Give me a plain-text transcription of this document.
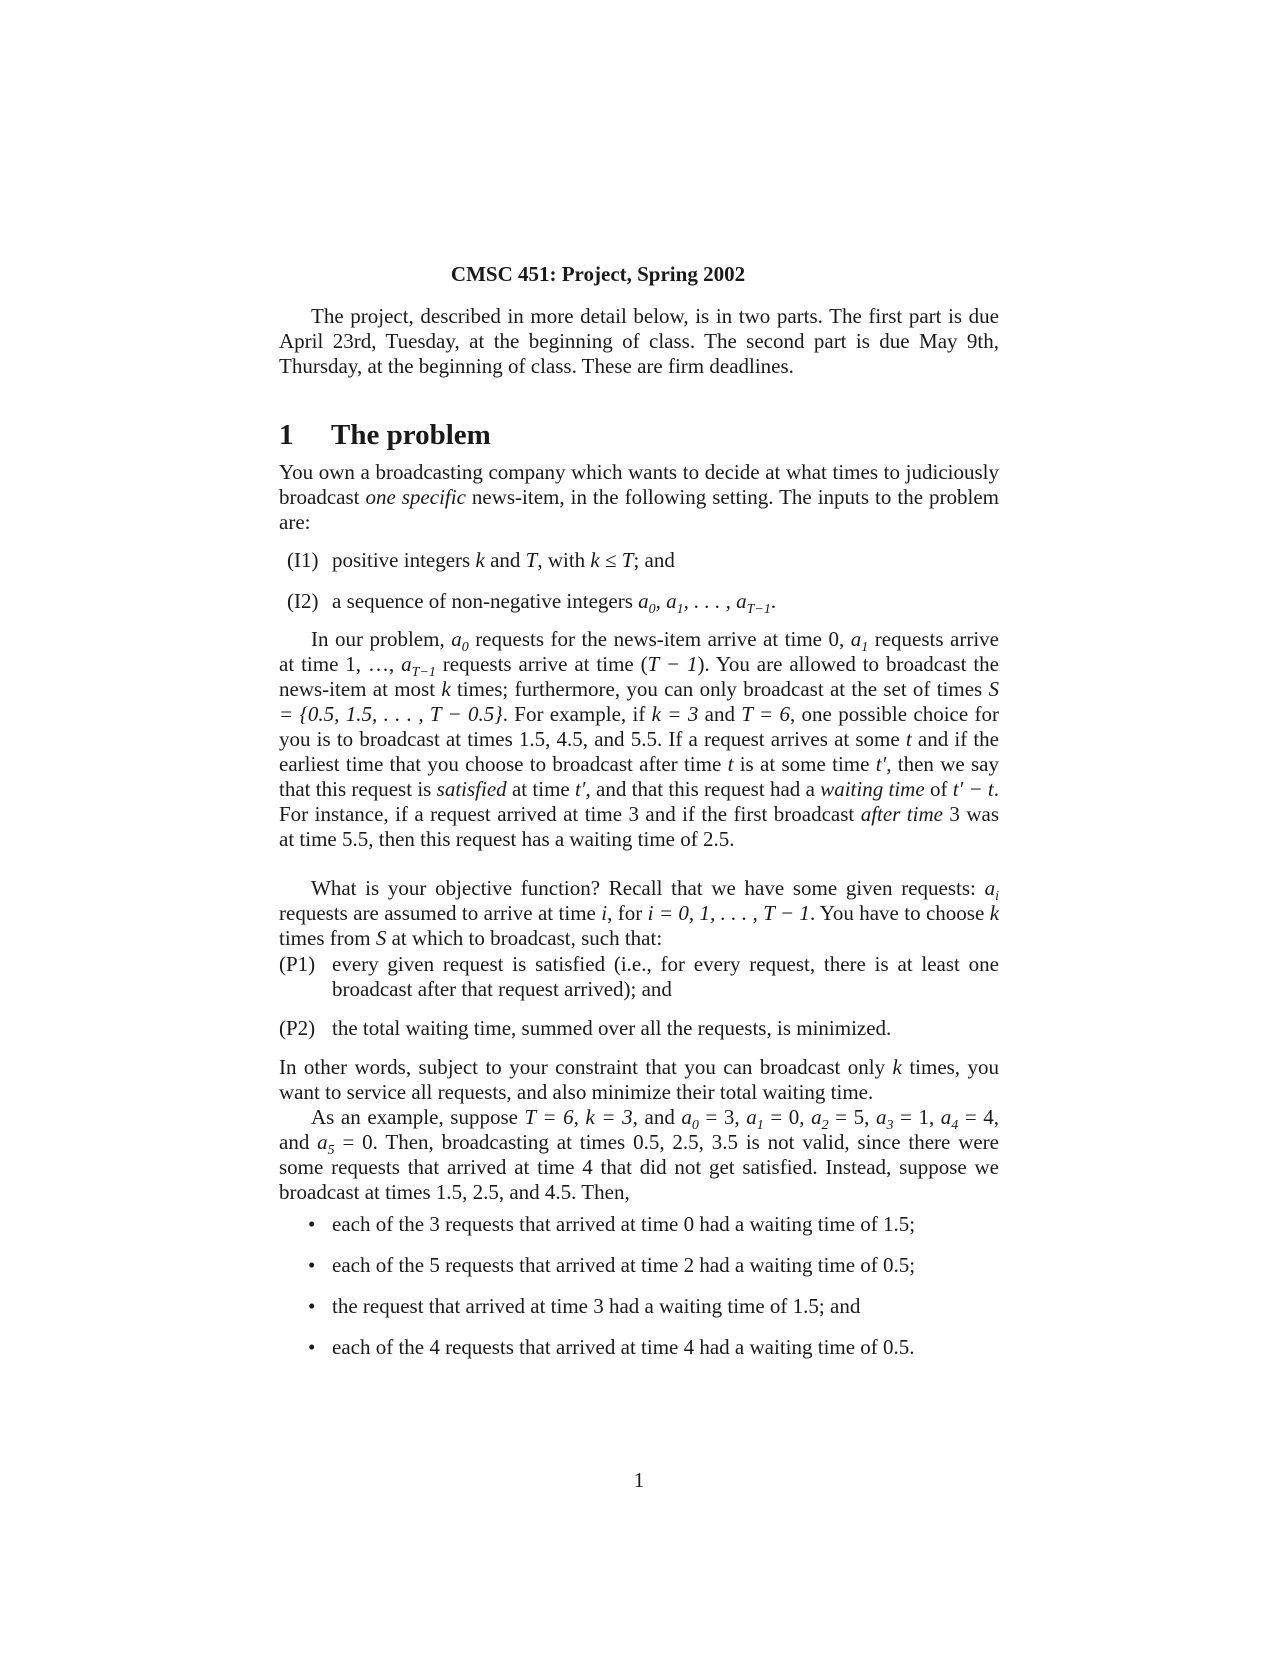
CMSC 451: Project, Spring 2002

The project, described in more detail below, is in two parts. The first part is due April 23rd, Tuesday, at the beginning of class. The second part is due May 9th, Thursday, at the beginning of class. These are firm deadlines.

1 The problem

You own a broadcasting company which wants to decide at what times to judiciously broadcast one specific news-item, in the following setting. The inputs to the problem are:

(I1) positive integers k and T, with k ≤ T; and
(I2) a sequence of non-negative integers $a_0$, $a_1$, . . . , $a_{T-1}$.

In our problem, $a_0$ requests for the news-item arrive at time 0, $a_1$ requests arrive at time 1, …, $a_{T-1}$ requests arrive at time (T − 1). You are allowed to broadcast the news-item at most k times; furthermore, you can only broadcast at the set of times S = {0.5, 1.5, . . . , T − 0.5}. For example, if k = 3 and T = 6, one possible choice for you is to broadcast at times 1.5, 4.5, and 5.5. If a request arrives at some t and if the earliest time that you choose to broadcast after time t is at some time t′, then we say that this request is satisfied at time t′, and that this request had a waiting time of t′ − t. For instance, if a request arrived at time 3 and if the first broadcast after time 3 was at time 5.5, then this request has a waiting time of 2.5.

What is your objective function? Recall that we have some given requests: $a_i$ requests are assumed to arrive at time i, for i = 0, 1, . . . , T − 1. You have to choose k times from S at which to broadcast, such that:

(P1) every given request is satisfied (i.e., for every request, there is at least one broadcast after that request arrived); and
(P2) the total waiting time, summed over all the requests, is minimized.

In other words, subject to your constraint that you can broadcast only k times, you want to service all requests, and also minimize their total waiting time.

As an example, suppose T = 6, k = 3, and $a_0 = 3$, $a_1 = 0$, $a_2 = 5$, $a_3 = 1$, $a_4 = 4$, and $a_5 = 0$. Then, broadcasting at times 0.5, 2.5, 3.5 is not valid, since there were some requests that arrived at time 4 that did not get satisfied. Instead, suppose we broadcast at times 1.5, 2.5, and 4.5. Then,

• each of the 3 requests that arrived at time 0 had a waiting time of 1.5;
• each of the 5 requests that arrived at time 2 had a waiting time of 0.5;
• the request that arrived at time 3 had a waiting time of 1.5; and
• each of the 4 requests that arrived at time 4 had a waiting time of 0.5.
1
